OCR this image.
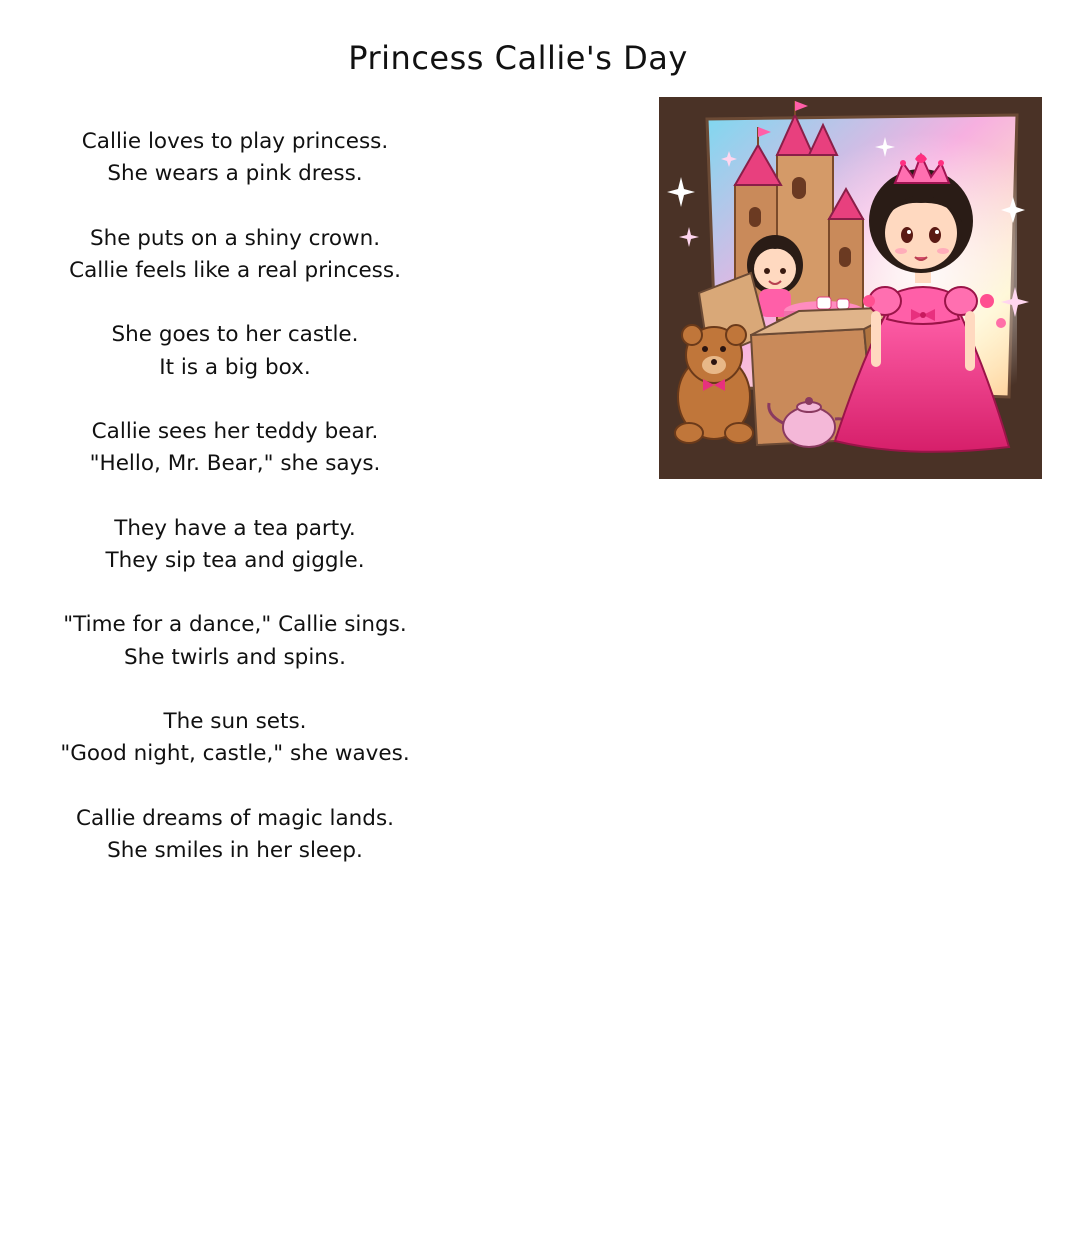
Princess Callie's Day
Callie loves to play princess.
She wears a pink dress.
She puts on a shiny crown.
Callie feels like a real princess.
She goes to her castle.
It is a big box.
Callie sees her teddy bear.
"Hello, Mr. Bear," she says.
They have a tea party.
They sip tea and giggle.
"Time for a dance," Callie sings.
She twirls and spins.
The sun sets.
"Good night, castle," she waves.
Callie dreams of magic lands.
She smiles in her sleep.
